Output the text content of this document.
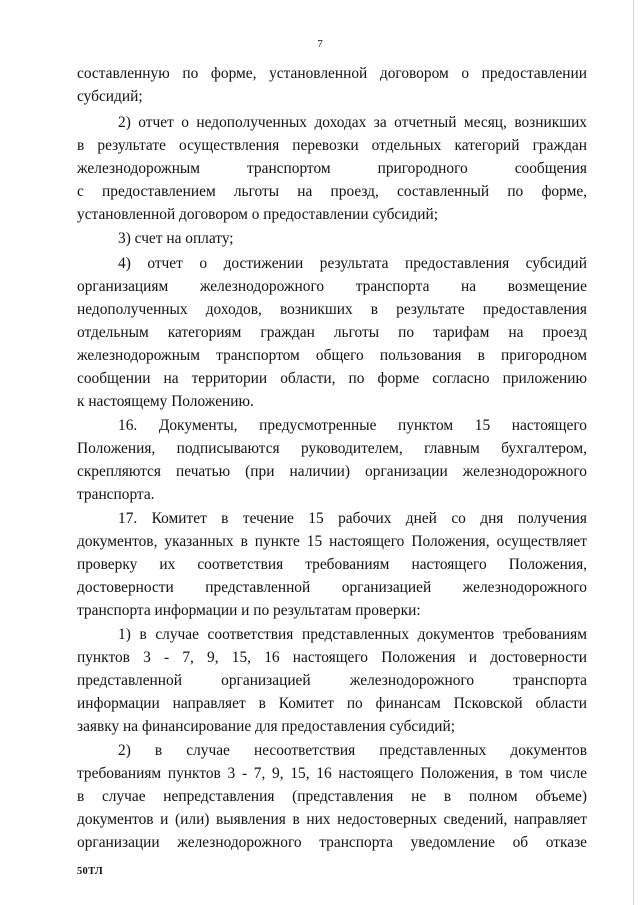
7
составленную по форме, установленной договором о предоставлении
субсидий;
2) отчет о недополученных доходах за отчетный месяц, возникших
в результате осуществления перевозки отдельных категорий граждан
железнодорожным транспортом пригородного сообщения
с предоставлением льготы на проезд, составленный по форме,
установленной договором о предоставлении субсидий;
3) счет на оплату;
4) отчет о достижении результата предоставления субсидий
организациям железнодорожного транспорта на возмещение
недополученных доходов, возникших в результате предоставления
отдельным категориям граждан льготы по тарифам на проезд
железнодорожным транспортом общего пользования в пригородном
сообщении на территории области, по форме согласно приложению
к настоящему Положению.
16. Документы, предусмотренные пунктом 15 настоящего
Положения, подписываются руководителем, главным бухгалтером,
скрепляются печатью (при наличии) организации железнодорожного
транспорта.
17. Комитет в течение 15 рабочих дней со дня получения
документов, указанных в пункте 15 настоящего Положения, осуществляет
проверку их соответствия требованиям настоящего Положения,
достоверности представленной организацией железнодорожного
транспорта информации и по результатам проверки:
1) в случае соответствия представленных документов требованиям
пунктов 3 - 7, 9, 15, 16 настоящего Положения и достоверности
представленной организацией железнодорожного транспорта
информации направляет в Комитет по финансам Псковской области
заявку на финансирование для предоставления субсидий;
2) в случае несоответствия представленных документов
требованиям пунктов 3 - 7, 9, 15, 16 настоящего Положения, в том числе
в случае непредставления (представления не в полном объеме)
документов и (или) выявления в них недостоверных сведений, направляет
организации железнодорожного транспорта уведомление об отказе
50ТЛ
